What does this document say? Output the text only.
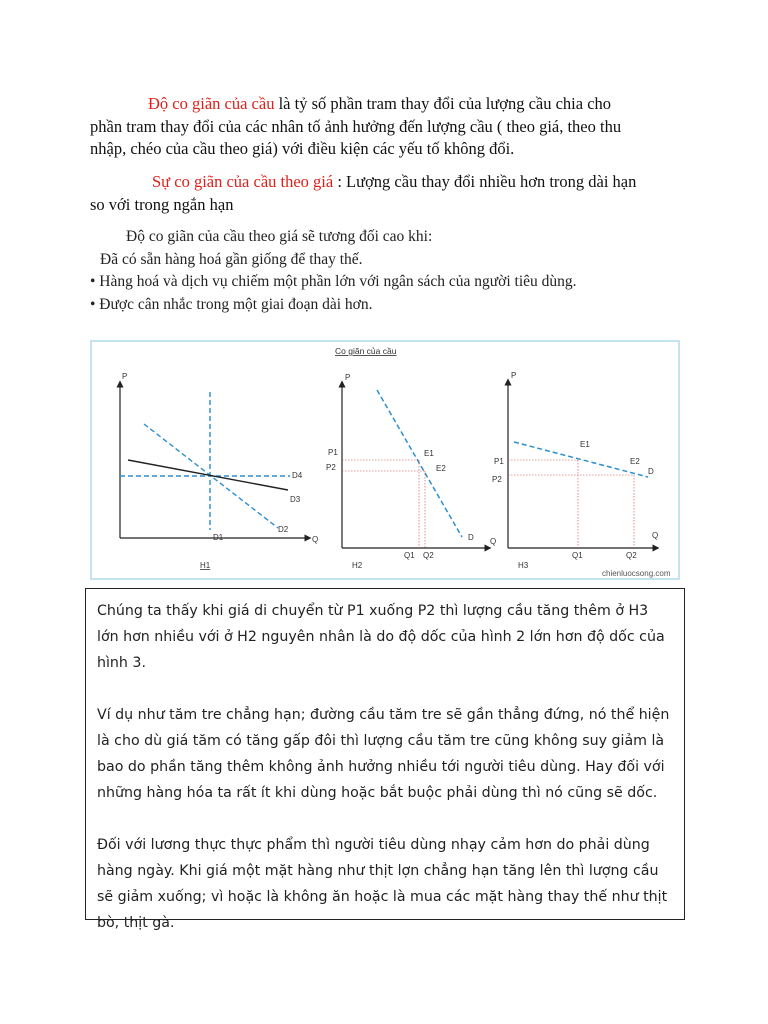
Độ co giãn của cầu là tỷ số phần tram thay đổi của lượng cầu chia cho
phần tram thay đổi của các nhân tố ảnh hưởng đến lượng cầu ( theo giá, theo thu
nhập, chéo của cầu theo giá) với điều kiện các yếu tố không đổi.
Sự co giãn của cầu theo giá : Lượng cầu thay đổi nhiều hơn trong dài hạn
so với trong ngắn hạn
Độ co giãn của cầu theo giá sẽ tương đối cao khi:
Đã có sẵn hàng hoá gần giống để thay thế.
• Hàng hoá và dịch vụ chiếm một phần lớn với ngân sách của người tiêu dùng.
• Được cân nhắc trong một giai đoạn dài hơn.
Co giãn của cầu
P
Q
D1
D2
D3
D4
H1
P
Q
P1
P2
E1
E2
Q1 Q2
D
H2
P
Q
P1
P2
E1
E2
Q1	Q2
D
H3
chienluocsong.com

Chúng ta thấy khi giá di chuyển từ P1 xuống P2 thì lượng cầu tăng thêm ở H3 lớn hơn nhiều với ở H2 nguyên nhân là do độ dốc của hình 2 lớn hơn độ dốc của hình 3.

Ví dụ như tăm tre chẳng hạn; đường cầu tăm tre sẽ gần thẳng đứng, nó thể hiện là cho dù giá tăm có tăng gấp đôi thì lượng cầu tăm tre cũng không suy giảm là bao do phần tăng thêm không ảnh hưởng nhiều tới người tiêu dùng. Hay đối với những hàng hóa ta rất ít khi dùng hoặc bắt buộc phải dùng thì nó cũng sẽ dốc.

Đối với lương thực thực phẩm thì người tiêu dùng nhạy cảm hơn do phải dùng hàng ngày. Khi giá một mặt hàng như thịt lợn chẳng hạn tăng lên thì lượng cầu sẽ giảm xuống; vì hoặc là không ăn hoặc là mua các mặt hàng thay thế như thịt bò, thịt gà.
